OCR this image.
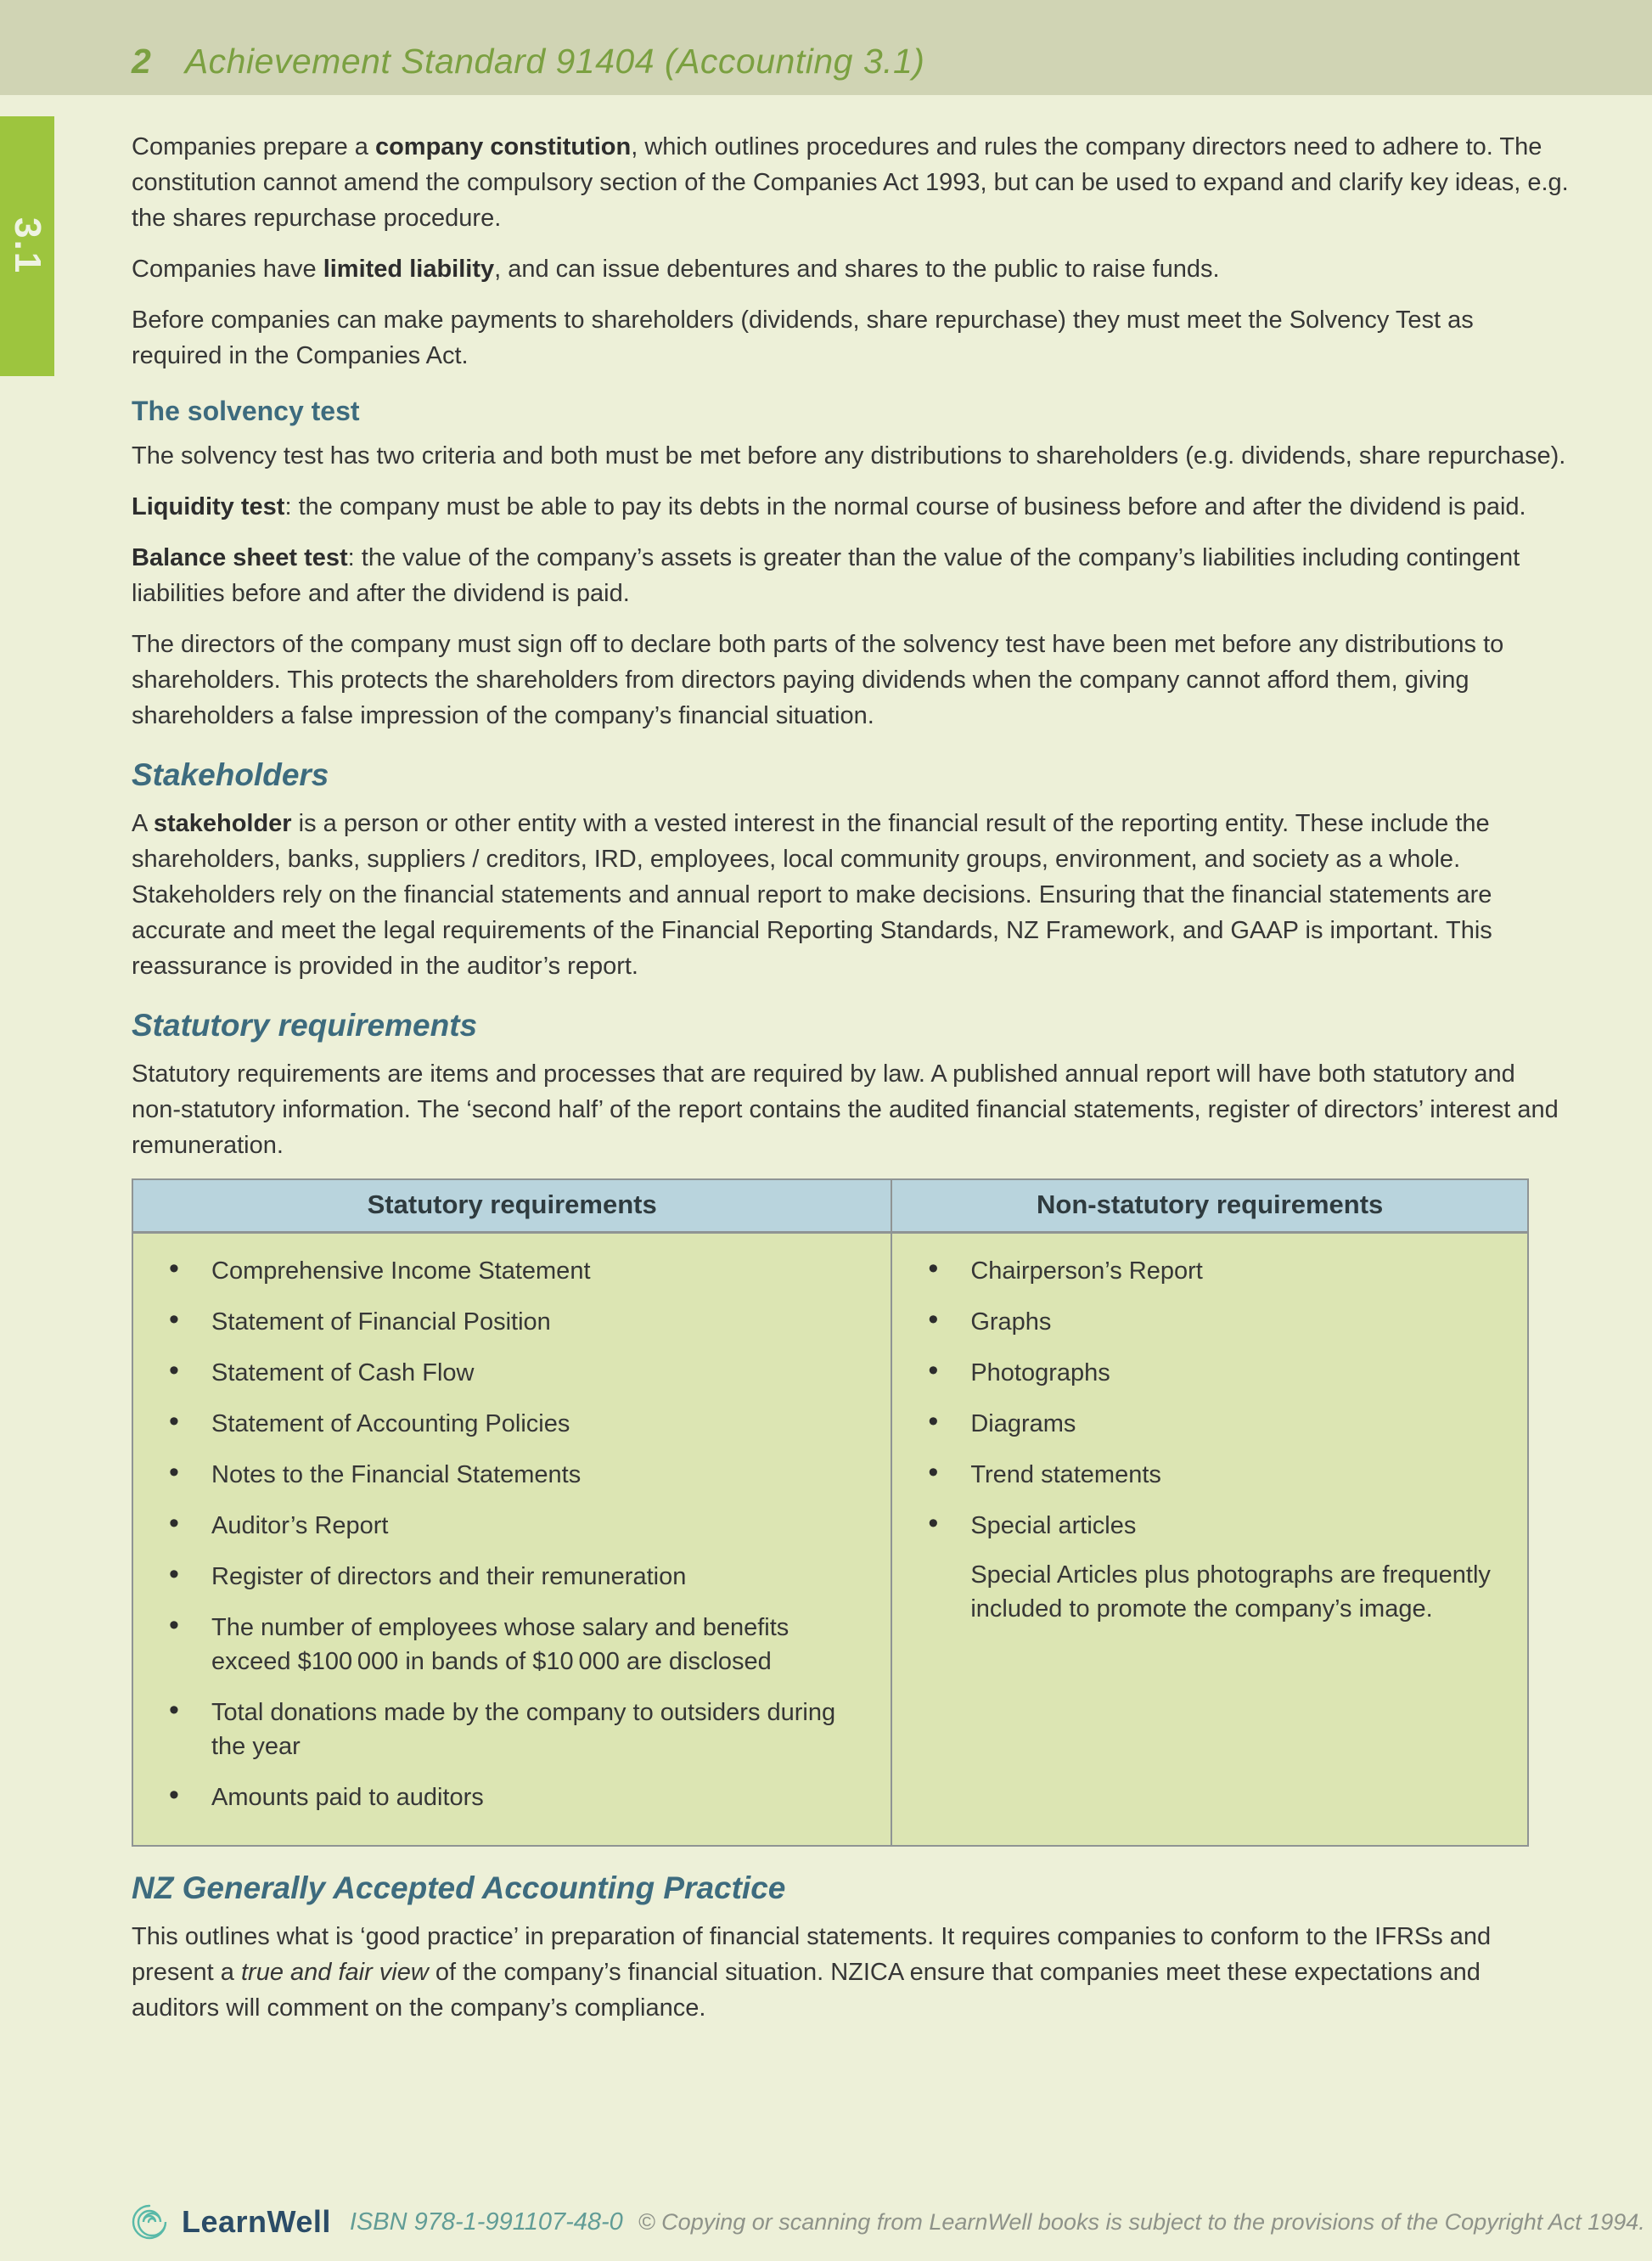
2 Achievement Standard 91404 (Accounting 3.1)
3.1

Companies prepare a company constitution, which outlines procedures and rules the company directors need to adhere to. The constitution cannot amend the compulsory section of the Companies Act 1993, but can be used to expand and clarify key ideas, e.g. the shares repurchase procedure.

Companies have limited liability, and can issue debentures and shares to the public to raise funds.

Before companies can make payments to shareholders (dividends, share repurchase) they must meet the Solvency Test as required in the Companies Act.

The solvency test

The solvency test has two criteria and both must be met before any distributions to shareholders (e.g. dividends, share repurchase).

Liquidity test: the company must be able to pay its debts in the normal course of business before and after the dividend is paid.

Balance sheet test: the value of the company’s assets is greater than the value of the company’s liabilities including contingent liabilities before and after the dividend is paid.

The directors of the company must sign off to declare both parts of the solvency test have been met before any distributions to shareholders. This protects the shareholders from directors paying dividends when the company cannot afford them, giving shareholders a false impression of the company’s financial situation.

Stakeholders

A stakeholder is a person or other entity with a vested interest in the financial result of the reporting entity. These include the shareholders, banks, suppliers / creditors, IRD, employees, local community groups, environment, and society as a whole. Stakeholders rely on the financial statements and annual report to make decisions. Ensuring that the financial statements are accurate and meet the legal requirements of the Financial Reporting Standards, NZ Framework, and GAAP is important. This reassurance is provided in the auditor’s report.

Statutory requirements

Statutory requirements are items and processes that are required by law. A published annual report will have both statutory and non-statutory information. The ‘second half’ of the report contains the audited financial statements, register of directors’ interest and remuneration.

Statutory requirements	Non-statutory requirements

• Comprehensive Income Statement
• Statement of Financial Position
• Statement of Cash Flow
• Statement of Accounting Policies
• Notes to the Financial Statements
• Auditor’s Report
• Register of directors and their remuneration
• The number of employees whose salary and benefits exceed $100 000 in bands of $10 000 are disclosed
• Total donations made by the company to outsiders during the year
• Amounts paid to auditors

• Chairperson’s Report
• Graphs
• Photographs
• Diagrams
• Trend statements
• Special articles
Special Articles plus photographs are frequently included to promote the company’s image.
NZ Generally Accepted Accounting Practice

This outlines what is ‘good practice’ in preparation of financial statements. It requires companies to conform to the IFRSs and present a true and fair view of the company’s financial situation. NZICA ensure that companies meet these expectations and auditors will comment on the company’s compliance.

LearnWell ISBN 978-1-991107-48-0 © Copying or scanning from LearnWell books is subject to the provisions of the Copyright Act 1994.
